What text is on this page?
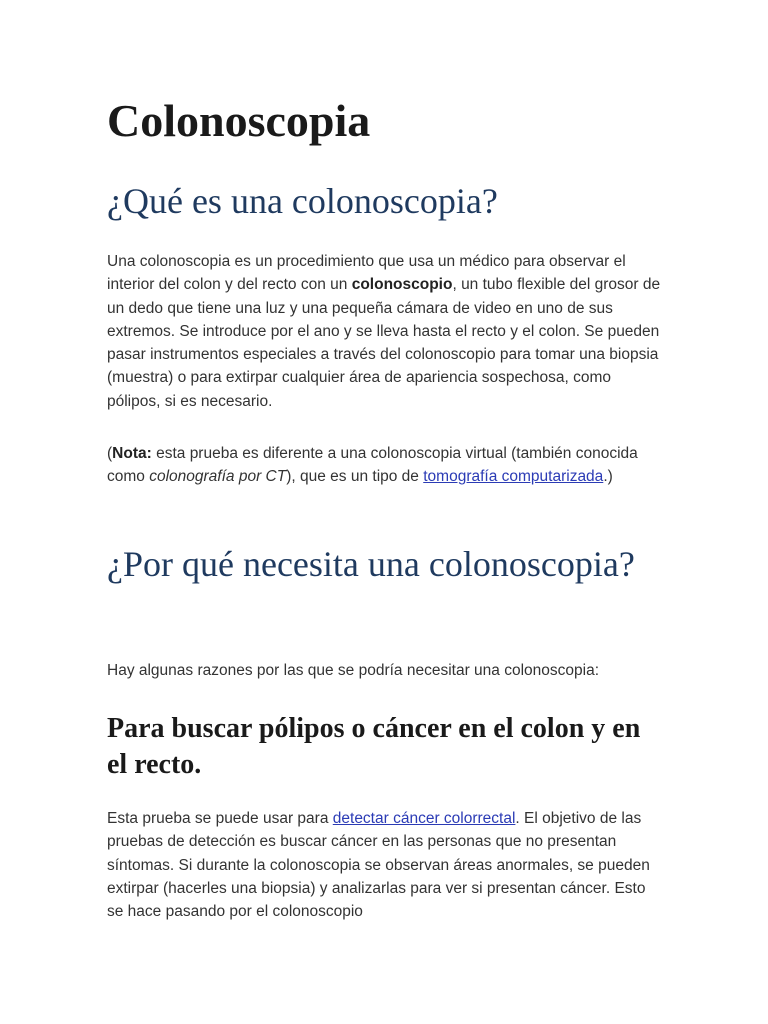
Colonoscopia
¿Qué es una colonoscopia?

Una colonoscopia es un procedimiento que usa un médico para observar el interior del colon y del recto con un colonoscopio, un tubo flexible del grosor de un dedo que tiene una luz y una pequeña cámara de video en uno de sus extremos. Se introduce por el ano y se lleva hasta el recto y el colon. Se pueden pasar instrumentos especiales a través del colonoscopio para tomar una biopsia (muestra) o para extirpar cualquier área de apariencia sospechosa, como pólipos, si es necesario.

(Nota: esta prueba es diferente a una colonoscopia virtual (también conocida como colonografía por CT), que es un tipo de tomografía computarizada.)

¿Por qué necesita una colonoscopia?

Hay algunas razones por las que se podría necesitar una colonoscopia:

Para buscar pólipos o cáncer en el colon y en el recto.

Esta prueba se puede usar para detectar cáncer colorrectal. El objetivo de las pruebas de detección es buscar cáncer en las personas que no presentan síntomas. Si durante la colonoscopia se observan áreas anormales, se pueden extirpar (hacerles una biopsia) y analizarlas para ver si presentan cáncer. Esto se hace pasando por el colonoscopio
